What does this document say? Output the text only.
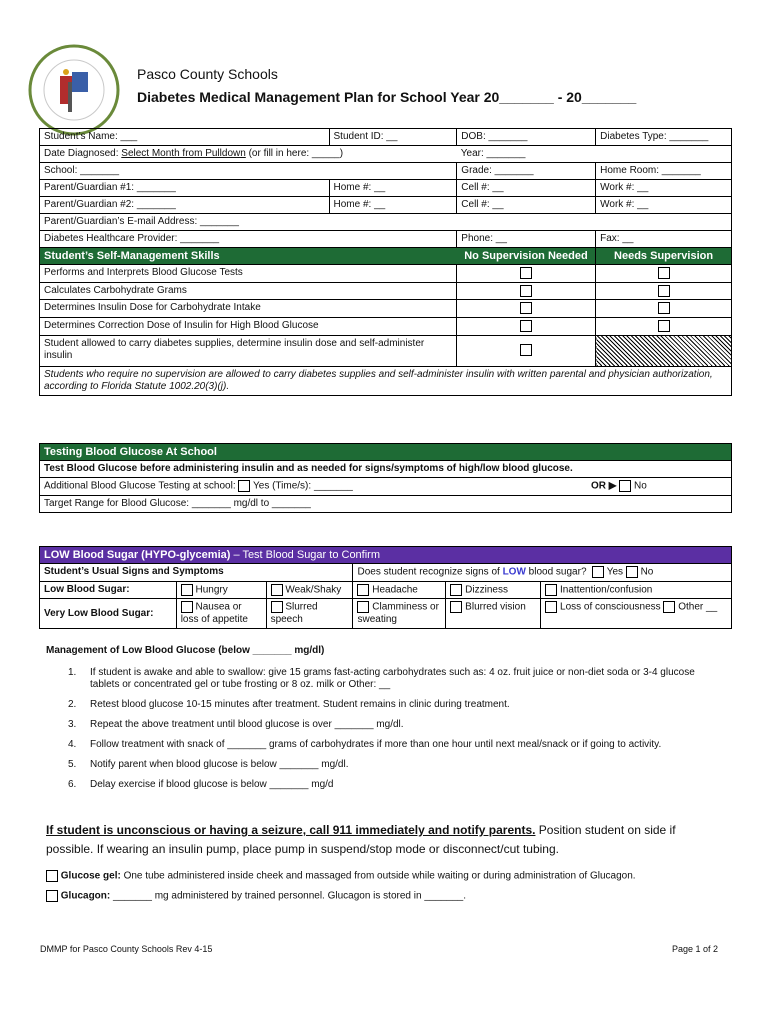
Pasco County Schools
Diabetes Medical Management Plan for School Year 20_______ - 20_______
Student’s Name: ___	Student ID: __	DOB: _______	Diabetes Type: _______
Date Diagnosed: Select Month from Pulldown (or fill in here: _____)		Year: _______	
School: _______		Grade: _______	Home Room: _______
Parent/Guardian #1: _______	Home #: __	Cell #: __	Work #: __
Parent/Guardian #2: _______	Home #: __	Cell #: __	Work #: __
Parent/Guardian’s E-mail Address: _______			
Diabetes Healthcare Provider: _______		Phone: __	Fax: __
Student’s Self-Management Skills		No Supervision Needed	Needs Supervision
Performs and Interprets Blood Glucose Tests			
Calculates Carbohydrate Grams			
Determines Insulin Dose for Carbohydrate Intake			
Determines Correction Dose of Insulin for High Blood Glucose			
Student allowed to carry diabetes supplies, determine insulin dose and self-administer insulin			
Students who require no supervision are allowed to carry diabetes supplies and self-administer insulin with written parental and physician authorization, according to Florida Statute 1002.20(3)(j).			
Testing Blood Glucose At School
Test Blood Glucose before administering insulin and as needed for signs/symptoms of high/low blood glucose.
Additional Blood Glucose Testing at school: Yes (Time/s): _______	OR ▶ No

Target Range for Blood Glucose: _______ mg/dl to _______
LOW Blood Sugar (HYPO-glycemia) – Test Blood Sugar to Confirm					
Student’s Usual Signs and Symptoms			Does student recognize signs of LOW blood sugar? Yes No		
Low Blood Sugar:	Hungry	Weak/Shaky	Headache	Dizziness	Inattention/confusion
Very Low Blood Sugar:	Nausea or loss of appetite	Slurred speech	Clamminess or sweating	Blurred vision	Loss of consciousness Other __
Management of Low Blood Glucose (below _______ mg/dl)
1.	If student is awake and able to swallow: give 15 grams fast-acting carbohydrates such as: 4 oz. fruit juice or non-diet soda or 3-4 glucose tablets or concentrated gel or tube frosting or 8 oz. milk or Other: __
2.	Retest blood glucose 10-15 minutes after treatment. Student remains in clinic during treatment.
3.	Repeat the above treatment until blood glucose is over _______ mg/dl.
4.	Follow treatment with snack of _______ grams of carbohydrates if more than one hour until next meal/snack or if going to activity.
5.	Notify parent when blood glucose is below _______ mg/dl.
6.	Delay exercise if blood glucose is below _______ mg/d
If student is unconscious or having a seizure, call 911 immediately and notify parents. Position student on side if possible. If wearing an insulin pump, place pump in suspend/stop mode or disconnect/cut tubing.
Glucose gel: One tube administered inside cheek and massaged from outside while waiting or during administration of Glucagon.
Glucagon: _______ mg administered by trained personnel. Glucagon is stored in _______.
DMMP for Pasco County Schools Rev 4-15	Page 1 of 2
